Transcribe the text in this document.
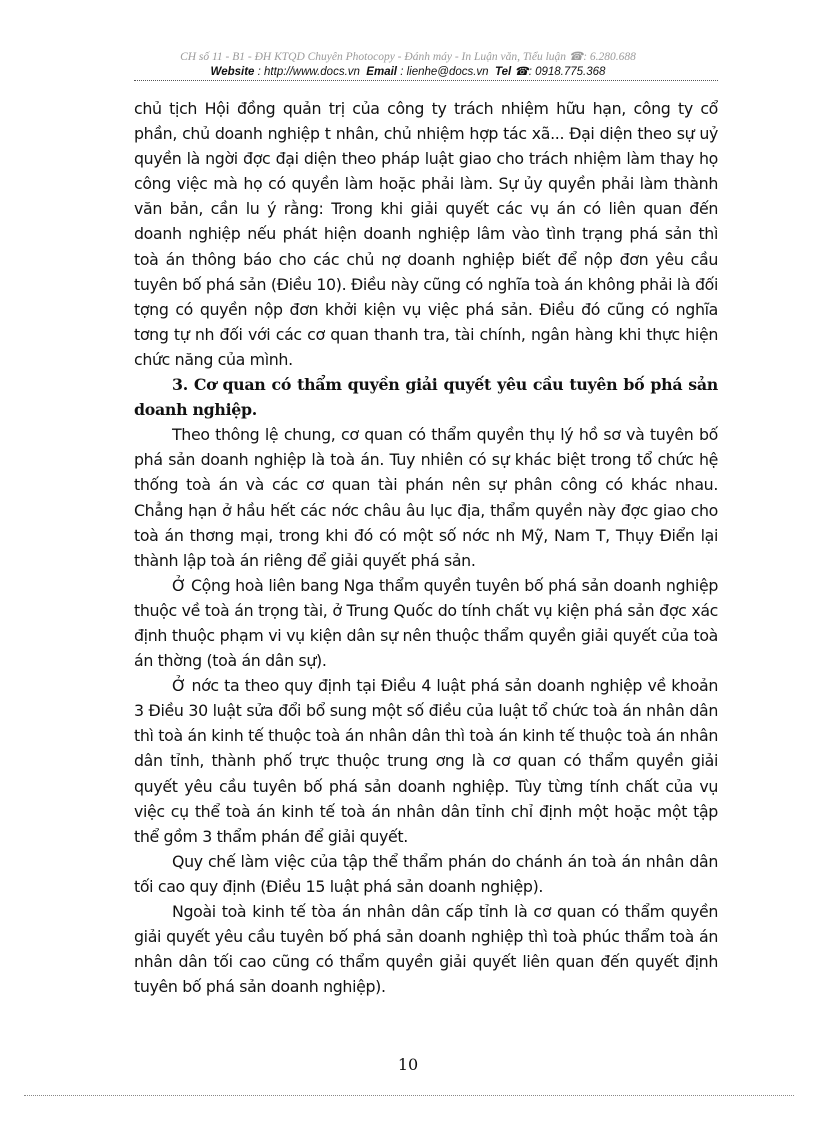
CH số 11 - B1 - ĐH KTQD Chuyên Photocopy - Đánh máy - In Luận văn, Tiểu luận ☎: 6.280.688
Website : http://www.docs.vn Email : lienhe@docs.vn Tel ☎: 0918.775.368

chủ tịch Hội đồng quản trị của công ty trách nhiệm hữu hạn, công ty cổ phần, chủ doanh nghiệp t nhân, chủ nhiệm hợp tác xã... Đại diện theo sự uỷ quyền là ngời đợc đại diện theo pháp luật giao cho trách nhiệm làm thay họ công việc mà họ có quyền làm hoặc phải làm. Sự ủy quyền phải làm thành văn bản, cần lu ý rằng: Trong khi giải quyết các vụ án có liên quan đến doanh nghiệp nếu phát hiện doanh nghiệp lâm vào tình trạng phá sản thì toà án thông báo cho các chủ nợ doanh nghiệp biết để nộp đơn yêu cầu tuyên bố phá sản (Điều 10). Điều này cũng có nghĩa toà án không phải là đối tợng có quyền nộp đơn khởi kiện vụ việc phá sản. Điều đó cũng có nghĩa tơng tự nh đối với các cơ quan thanh tra, tài chính, ngân hàng khi thực hiện chức năng của mình.

3. Cơ quan có thẩm quyền giải quyết yêu cầu tuyên bố phá sản doanh nghiệp.

Theo thông lệ chung, cơ quan có thẩm quyền thụ lý hồ sơ và tuyên bố phá sản doanh nghiệp là toà án. Tuy nhiên có sự khác biệt trong tổ chức hệ thống toà án và các cơ quan tài phán nên sự phân công có khác nhau. Chẳng hạn ở hầu hết các nớc châu âu lục địa, thẩm quyền này đợc giao cho toà án thơng mại, trong khi đó có một số nớc nh Mỹ, Nam T, Thụy Điển lại thành lập toà án riêng để giải quyết phá sản.

Ở Cộng hoà liên bang Nga thẩm quyền tuyên bố phá sản doanh nghiệp thuộc về toà án trọng tài, ở Trung Quốc do tính chất vụ kiện phá sản đợc xác định thuộc phạm vi vụ kiện dân sự nên thuộc thẩm quyền giải quyết của toà án thờng (toà án dân sự).

Ở nớc ta theo quy định tại Điều 4 luật phá sản doanh nghiệp về khoản 3 Điều 30 luật sửa đổi bổ sung một số điều của luật tổ chức toà án nhân dân thì toà án kinh tế thuộc toà án nhân dân thì toà án kinh tế thuộc toà án nhân dân tỉnh, thành phố trực thuộc trung ơng là cơ quan có thẩm quyền giải quyết yêu cầu tuyên bố phá sản doanh nghiệp. Tùy từng tính chất của vụ việc cụ thể toà án kinh tế toà án nhân dân tỉnh chỉ định một hoặc một tập thể gồm 3 thẩm phán để giải quyết.

Quy chế làm việc của tập thể thẩm phán do chánh án toà án nhân dân tối cao quy định (Điều 15 luật phá sản doanh nghiệp).

Ngoài toà kinh tế tòa án nhân dân cấp tỉnh là cơ quan có thẩm quyền giải quyết yêu cầu tuyên bố phá sản doanh nghiệp thì toà phúc thẩm toà án nhân dân tối cao cũng có thẩm quyền giải quyết liên quan đến quyết định tuyên bố phá sản doanh nghiệp).

10
